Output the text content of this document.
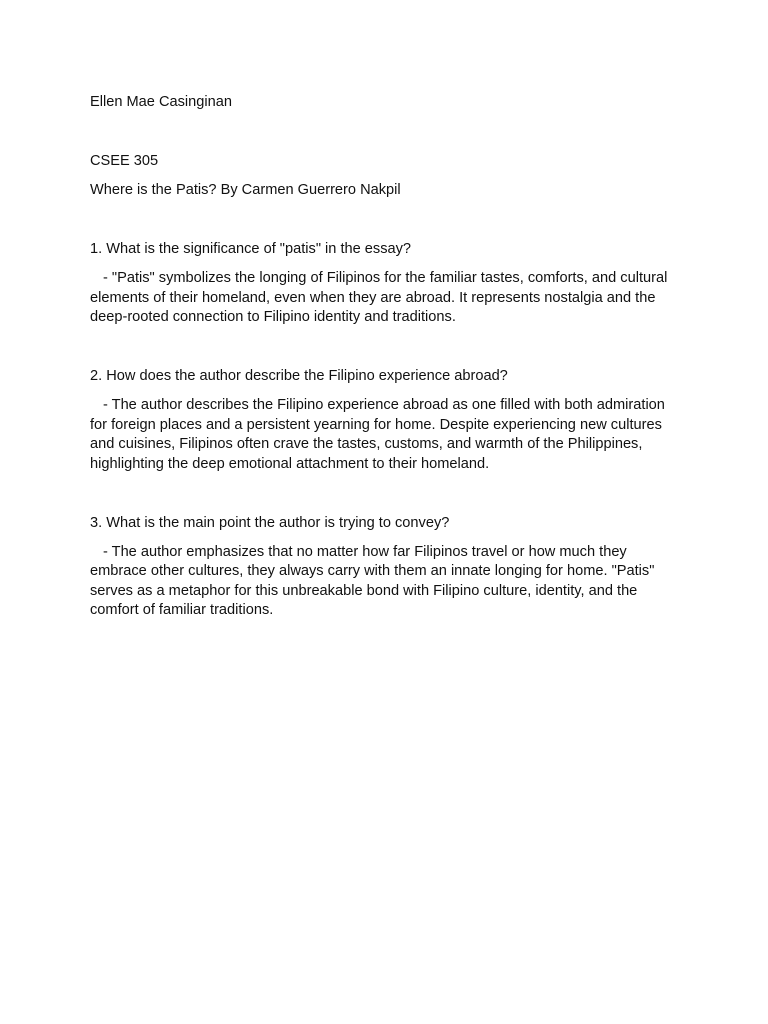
Ellen Mae Casinginan

CSEE 305

Where is the Patis? By Carmen Guerrero Nakpil

1. What is the significance of "patis" in the essay?

- "Patis" symbolizes the longing of Filipinos for the familiar tastes, comforts, and cultural elements of their homeland, even when they are abroad. It represents nostalgia and the deep-rooted connection to Filipino identity and traditions.

2. How does the author describe the Filipino experience abroad?

- The author describes the Filipino experience abroad as one filled with both admiration for foreign places and a persistent yearning for home. Despite experiencing new cultures and cuisines, Filipinos often crave the tastes, customs, and warmth of the Philippines, highlighting the deep emotional attachment to their homeland.

3. What is the main point the author is trying to convey?

- The author emphasizes that no matter how far Filipinos travel or how much they embrace other cultures, they always carry with them an innate longing for home. "Patis" serves as a metaphor for this unbreakable bond with Filipino culture, identity, and the comfort of familiar traditions.
